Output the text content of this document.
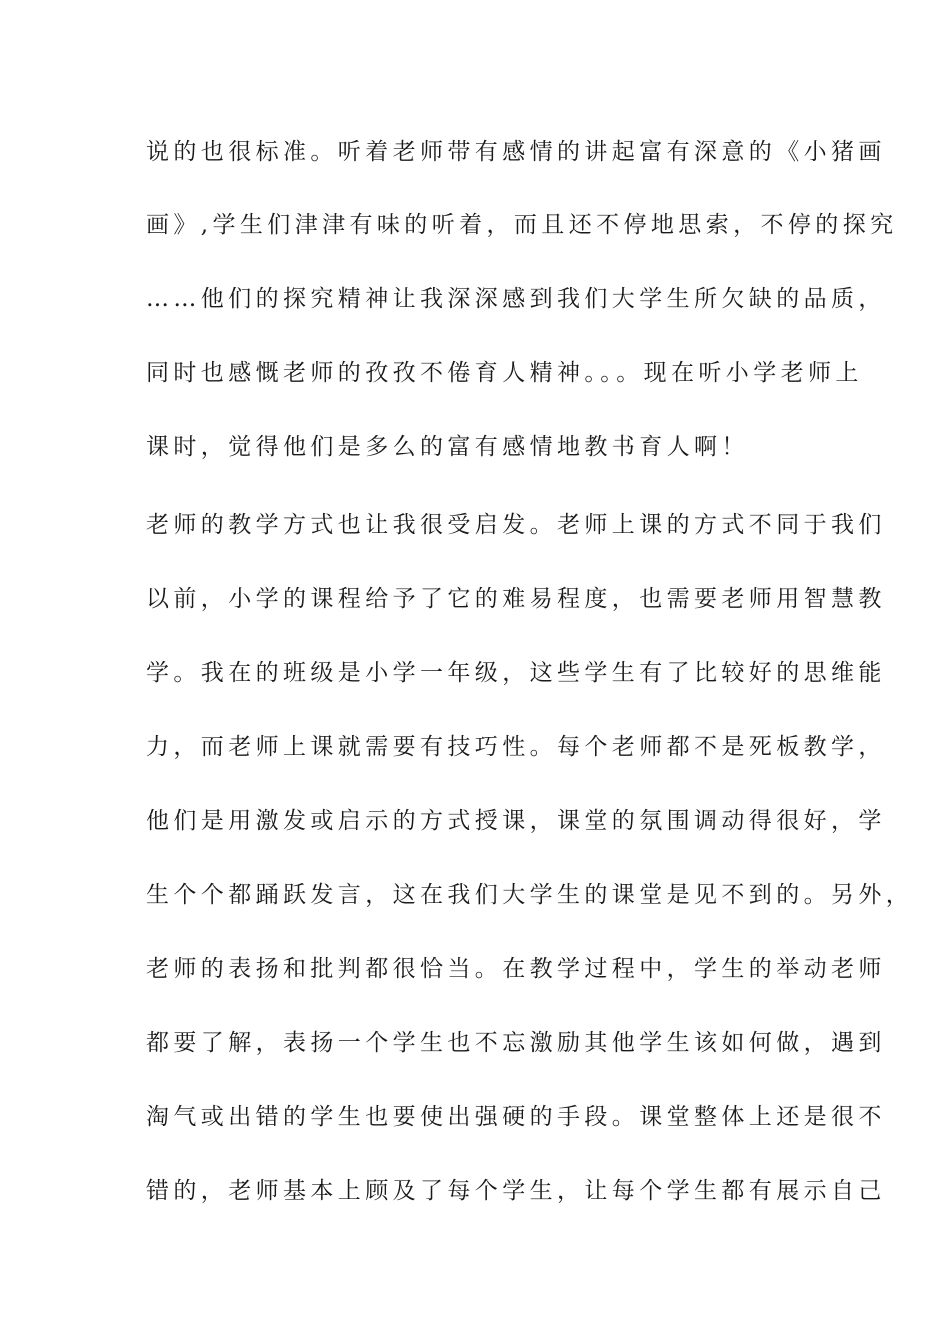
说的也很标准。听着老师带有感情的讲起富有深意的《小猪画
画》,学生们津津有味的听着，而且还不停地思索，不停的探究
……他们的探究精神让我深深感到我们大学生所欠缺的品质，
同时也感慨老师的孜孜不倦育人精神。。。现在听小学老师上
课时，觉得他们是多么的富有感情地教书育人啊！
老师的教学方式也让我很受启发。老师上课的方式不同于我们
以前，小学的课程给予了它的难易程度，也需要老师用智慧教
学。我在的班级是小学一年级，这些学生有了比较好的思维能
力，而老师上课就需要有技巧性。每个老师都不是死板教学，
他们是用激发或启示的方式授课，课堂的氛围调动得很好，学
生个个都踊跃发言，这在我们大学生的课堂是见不到的。另外，
老师的表扬和批判都很恰当。在教学过程中，学生的举动老师
都要了解，表扬一个学生也不忘激励其他学生该如何做，遇到
淘气或出错的学生也要使出强硬的手段。课堂整体上还是很不
错的，老师基本上顾及了每个学生，让每个学生都有展示自己
